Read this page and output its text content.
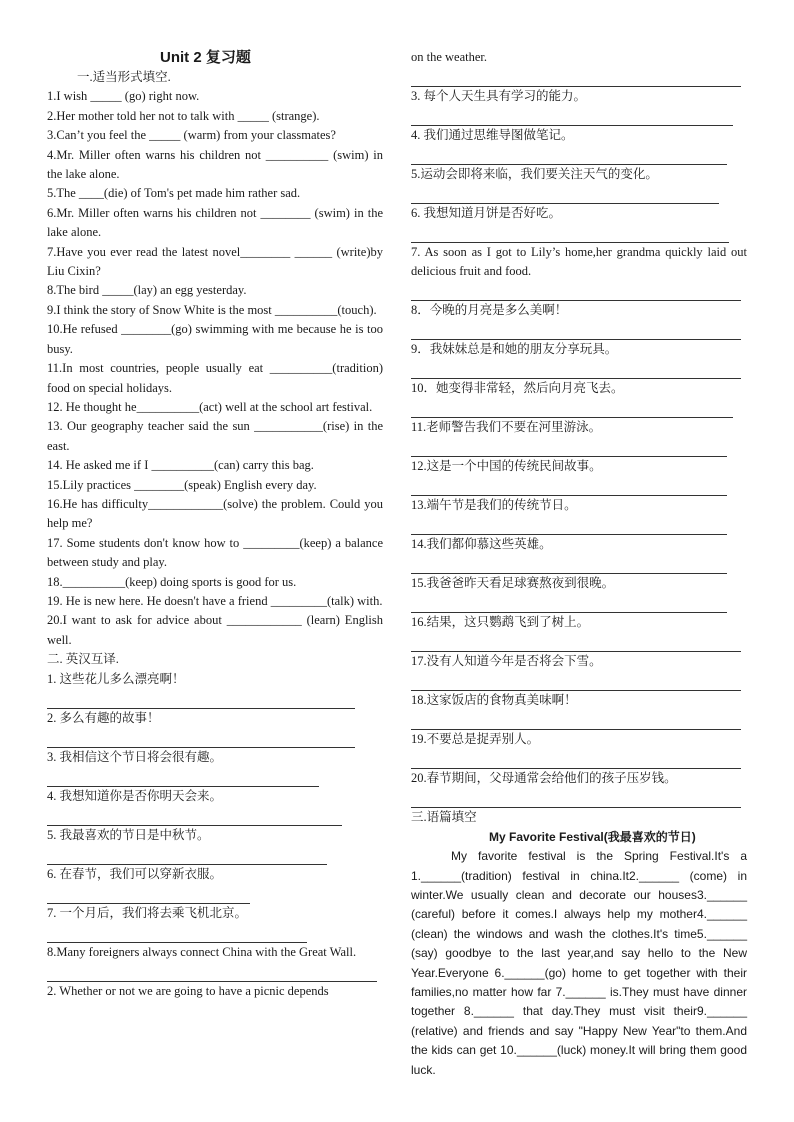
Unit 2 复习题
一.适当形式填空.
1.I wish _____ (go) right now.
2.Her mother told her not to talk with _____ (strange).
3.Can’t you feel the _____ (warm) from your classmates?
4.Mr. Miller often warns his children not __________ (swim) in the lake alone.
5.The ____(die) of Tom's pet made him rather sad.
6.Mr. Miller often warns his children not ________ (swim) in the lake alone.
7.Have you ever read the latest novel________ ______ (write)by Liu Cixin?
8.The bird _____(lay) an egg yesterday.
9.I think the story of Snow White is the most __________(touch).
10.He refused ________(go) swimming with me because he is too busy.
11.In most countries, people usually eat __________(tradition) food on special holidays.
12. He thought he__________(act) well at the school art festival.
13. Our geography teacher said the sun ___________(rise) in the east.
14. He asked me if I __________(can) carry this bag.
15.Lily practices ________(speak) English every day.
16.He has difficulty____________(solve) the problem. Could you help me?
17. Some students don't know how to _________(keep) a balance between study and play.
18.__________(keep) doing sports is good for us.
19. He is new here. He doesn't have a friend _________(talk) with.
20.I want to ask for advice about ____________ (learn) English well.
二. 英汉互译.
1. 这些花儿多么漂亮啊！
2. 多么有趣的故事！
3. 我相信这个节日将会很有趣。
4. 我想知道你是否你明天会来。
5. 我最喜欢的节日是中秋节。
6. 在春节，我们可以穿新衣服。
7. 一个月后，我们将去乘飞机北京。
8.Many foreigners always connect China with the Great Wall.
2. Whether or not we are going to have a picnic depends
on the weather.
3. 每个人天生具有学习的能力。
4. 我们通过思维导图做笔记。
5.运动会即将来临，我们要关注天气的变化。
6. 我想知道月饼是否好吃。
7. As soon as I got to Lily’s home,her grandma quickly laid out delicious fruit and food.
8．今晚的月亮是多么美啊！
9．我妹妹总是和她的朋友分享玩具。
10．她变得非常轻，然后向月亮飞去。
11.老师警告我们不要在河里游泳。
12.这是一个中国的传统民间故事。
13.端午节是我们的传统节日。
14.我们都仰慕这些英雄。
15.我爸爸昨天看足球赛熬夜到很晚。
16.结果，这只鹦鹉飞到了树上。
17.没有人知道今年是否将会下雪。
18.这家饭店的食物真美味啊！
19.不要总是捉弄别人。
20.春节期间，父母通常会给他们的孩子压岁钱。
三.语篇填空
My Favorite Festival(我最喜欢的节日)
My favorite festival is the Spring Festival.It's a 1.______(tradition) festival in china.It2.______ (come) in winter.We usually clean and decorate our houses3.______ (careful) before it comes.I always help my mother4.______ (clean) the windows and wash the clothes.It's time5.______ (say) goodbye to the last year,and say hello to the New Year.Everyone 6.______(go) home to get together with their families,no matter how far 7.______ is.They must have dinner together 8.______ that day.They must visit their9.______ (relative) and friends and say "Happy New Year"to them.And the kids can get 10.______(luck) money.It will bring them good luck.
